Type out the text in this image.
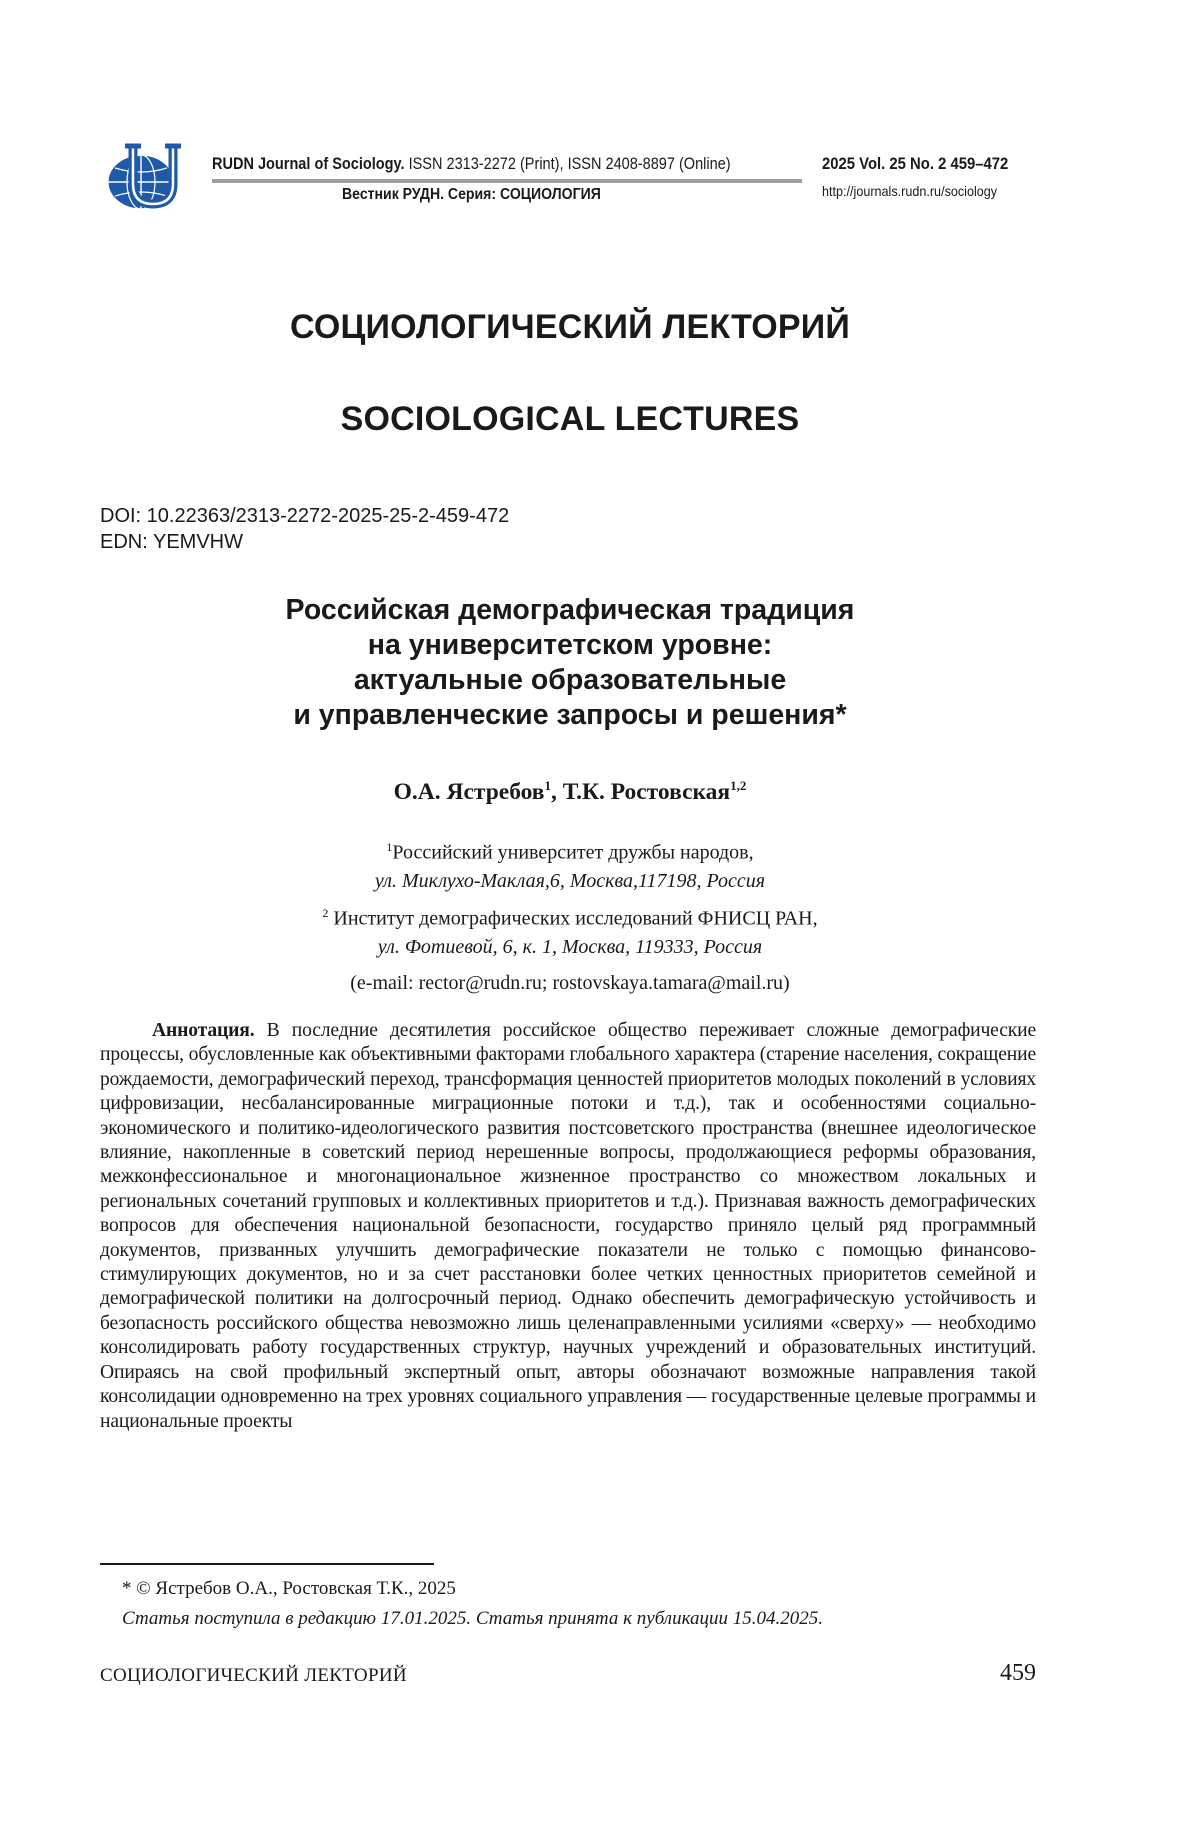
RUDN Journal of Sociology. ISSN 2313-2272 (Print), ISSN 2408-8897 (Online)
Вестник РУДН. Серия: СОЦИОЛОГИЯ
2025 Vol. 25 No. 2 459–472
http://journals.rudn.ru/sociology
СОЦИОЛОГИЧЕСКИЙ ЛЕКТОРИЙ
SOCIOLOGICAL LECTURES
DOI: 10.22363/2313-2272-2025-25-2-459-472
EDN: YEMVHW
Российская демографическая традиция
на университетском уровне:
актуальные образовательные
и управленческие запросы и решения*
О.А. Ястребов1, Т.К. Ростовская1,2
1Российский университет дружбы народов,
ул. Миклухо-Маклая,6, Москва,117198, Россия
2 Институт демографических исследований ФНИСЦ РАН,
ул. Фотиевой, 6, к. 1, Москва, 119333, Россия
(e-mail: rector@rudn.ru; rostovskaya.tamara@mail.ru)
Аннотация. В последние десятилетия российское общество переживает сложные демографические процессы, обусловленные как объективными факторами глобального характера (старение населения, сокращение рождаемости, демографический переход, трансформация ценностей приоритетов молодых поколений в условиях цифровизации, несбалансированные миграционные потоки и т.д.), так и особенностями социально-экономического и политико-идеологического развития постсоветского пространства (внешнее идеологическое влияние, накопленные в советский период нерешенные вопросы, продолжающиеся реформы образования, межконфессиональное и многонациональное жизненное пространство со множеством локальных и региональных сочетаний групповых и коллективных приоритетов и т.д.). Признавая важность демографических вопросов для обеспечения национальной безопасности, государство приняло целый ряд программный документов, призванных улучшить демографические показатели не только с помощью финансово-стимулирующих документов, но и за счет расстановки более четких ценностных приоритетов семейной и демографической политики на долгосрочный период. Однако обеспечить демографическую устойчивость и безопасность российского общества невозможно лишь целенаправленными усилиями «сверху» — необходимо консолидировать работу государственных структур, научных учреждений и образовательных институций. Опираясь на свой профильный экспертный опыт, авторы обозначают возможные направления такой консолидации одновременно на трех уровнях социального управления — государственные целевые программы и национальные проекты
* © Ястребов О.А., Ростовская Т.К., 2025
Статья поступила в редакцию 17.01.2025. Статья принята к публикации 15.04.2025.
СОЦИОЛОГИЧЕСКИЙ ЛЕКТОРИЙ	459
